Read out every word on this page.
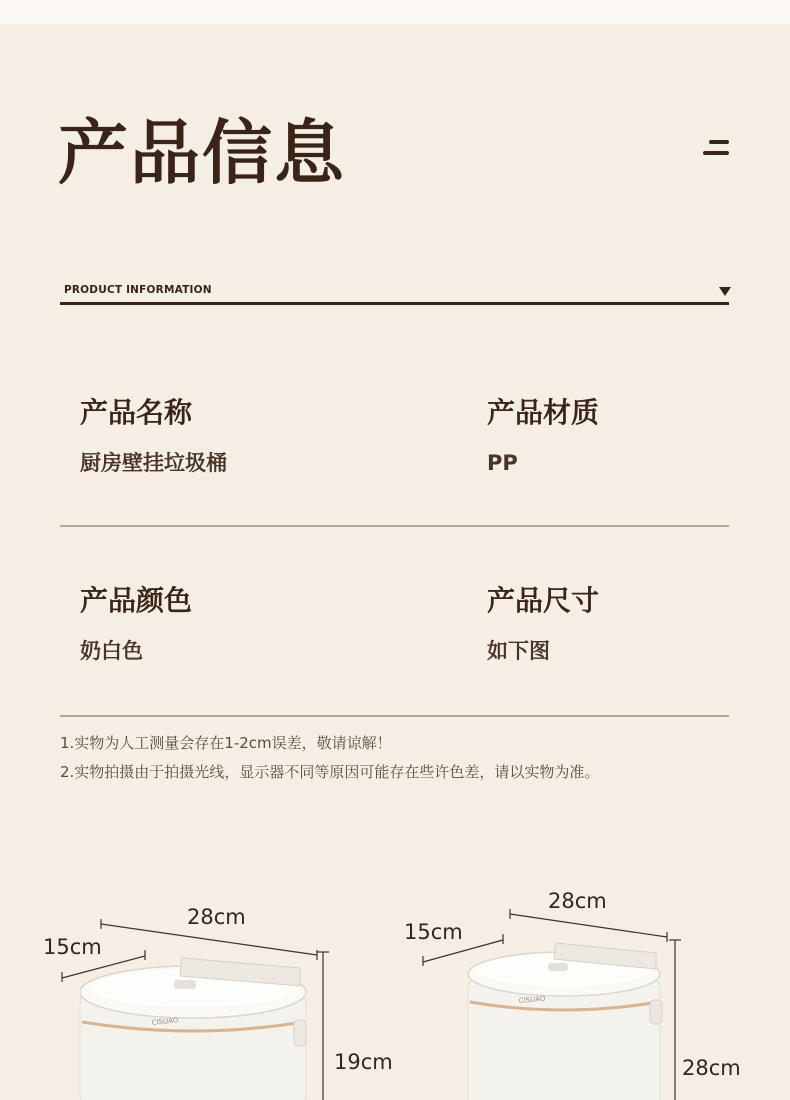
产品信息
PRODUCT INFORMATION
产品名称
厨房壁挂垃圾桶
产品材质
PP
产品颜色
奶白色
产品尺寸
如下图
1.实物为人工测量会存在1-2cm误差，敬请谅解！
2.实物拍摄由于拍摄光线，显示器不同等原因可能存在些许色差，请以实物为准。
CISUAO
CISUAO
28cm
15cm
19cm
28cm
15cm
28cm
